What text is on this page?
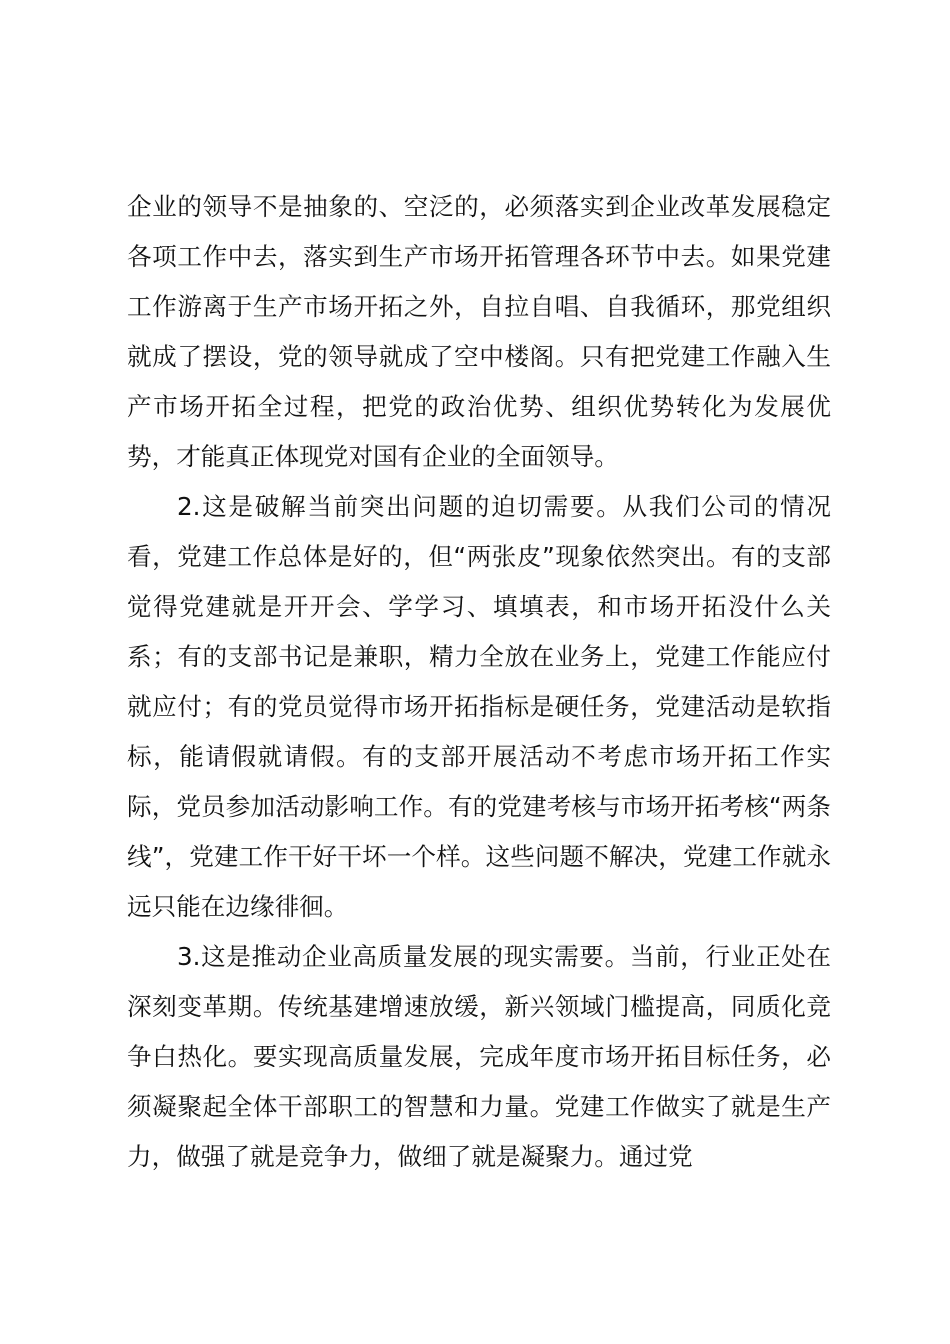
企业的领导不是抽象的、空泛的，必须落实到企业改革发展稳定各项工作中去，落实到生产市场开拓管理各环节中去。如果党建工作游离于生产市场开拓之外，自拉自唱、自我循环，那党组织就成了摆设，党的领导就成了空中楼阁。只有把党建工作融入生产市场开拓全过程，把党的政治优势、组织优势转化为发展优势，才能真正体现党对国有企业的全面领导。

2.这是破解当前突出问题的迫切需要。从我们公司的情况看，党建工作总体是好的，但“两张皮”现象依然突出。有的支部觉得党建就是开开会、学学习、填填表，和市场开拓没什么关系；有的支部书记是兼职，精力全放在业务上，党建工作能应付就应付；有的党员觉得市场开拓指标是硬任务，党建活动是软指标，能请假就请假。有的支部开展活动不考虑市场开拓工作实际，党员参加活动影响工作。有的党建考核与市场开拓考核“两条线”，党建工作干好干坏一个样。这些问题不解决，党建工作就永远只能在边缘徘徊。

3.这是推动企业高质量发展的现实需要。当前，行业正处在深刻变革期。传统基建增速放缓，新兴领域门槛提高，同质化竞争白热化。要实现高质量发展，完成年度市场开拓目标任务，必须凝聚起全体干部职工的智慧和力量。党建工作做实了就是生产力，做强了就是竞争力，做细了就是凝聚力。通过党
